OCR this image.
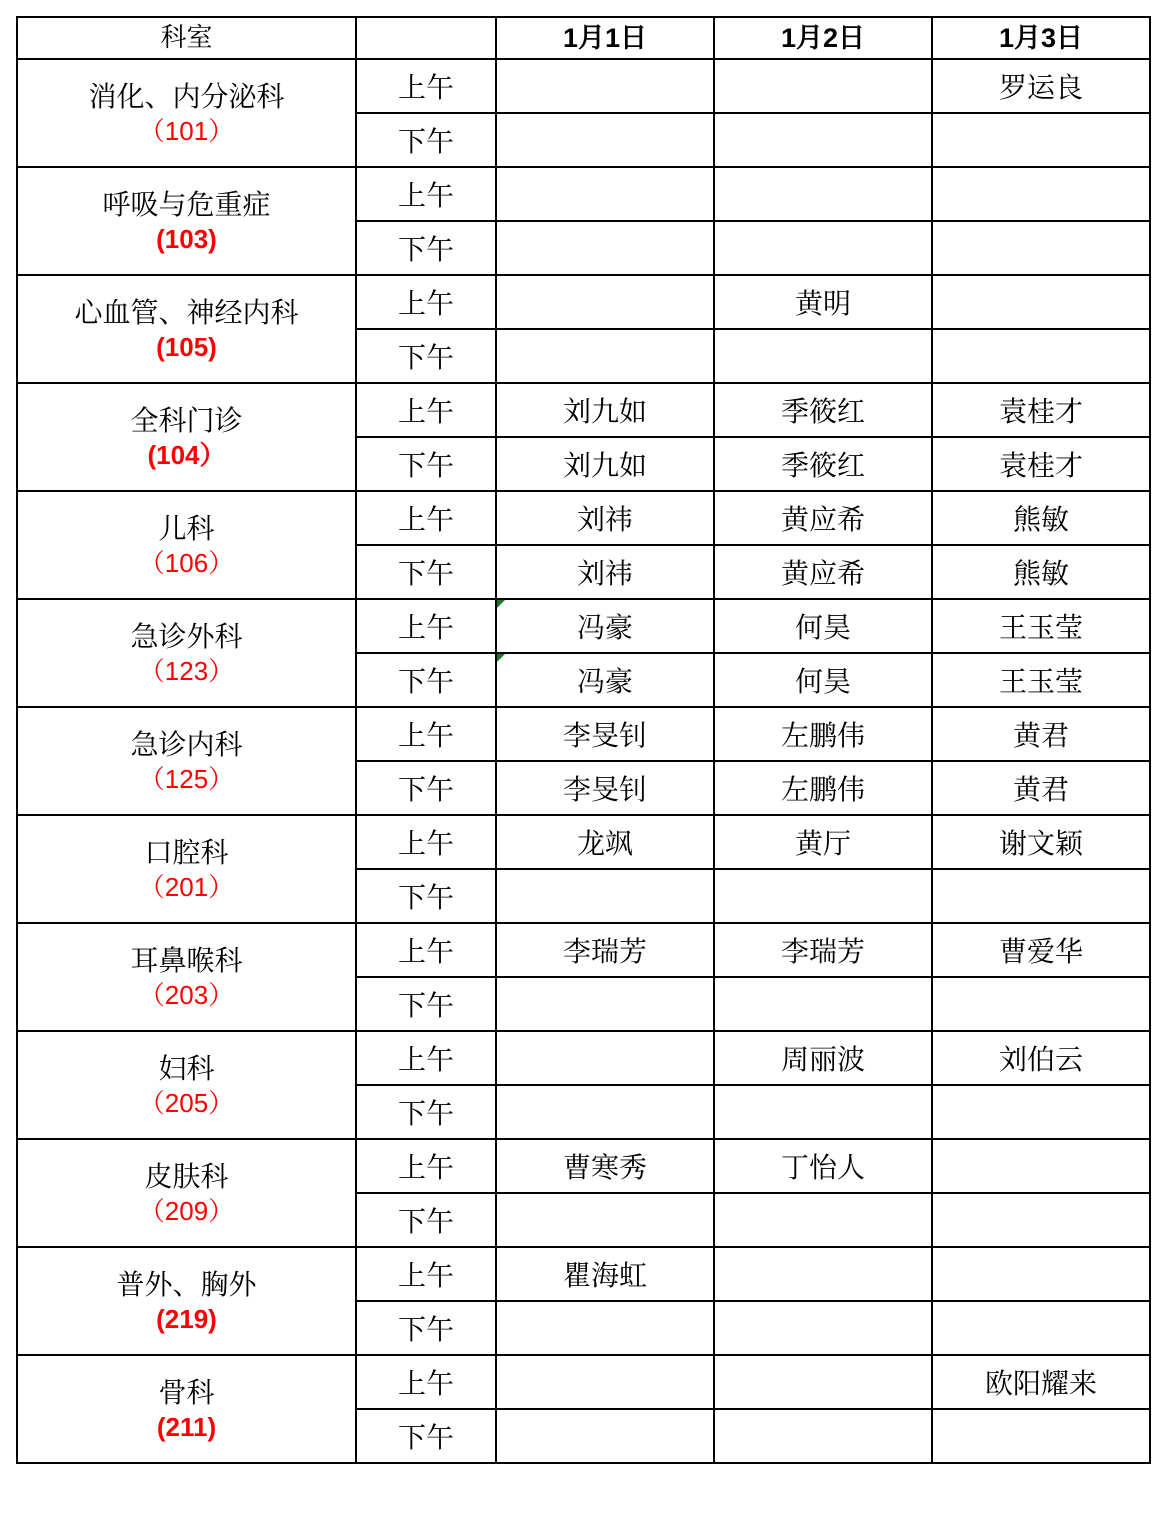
科室		1月1日	1月2日	1月3日

消化、内分泌科
（101）	上午			罗运良
	下午			

呼吸与危重症
(103)	上午			
	下午			

心血管、神经内科
(105)	上午		黄明	
	下午			

全科门诊
(104）	上午	刘九如	季筱红	袁桂才
	下午	刘九如	季筱红	袁桂才

儿科
（106）	上午	刘祎	黄应希	熊敏
	下午	刘祎	黄应希	熊敏

急诊外科
（123）	上午	冯豪	何昊	王玉莹
	下午	冯豪	何昊	王玉莹

急诊内科
（125）	上午	李旻钊	左鹏伟	黄君
	下午	李旻钊	左鹏伟	黄君

口腔科
（201）	上午	龙飒	黄厅	谢文颖
	下午			

耳鼻喉科
（203）	上午	李瑞芳	李瑞芳	曹爱华
	下午			

妇科
（205）	上午		周丽波	刘伯云
	下午			

皮肤科
（209）	上午	曹寒秀	丁怡人	
	下午			

普外、胸外
(219)	上午	瞿海虹		
	下午			

骨科
(211)	上午			欧阳耀来
	下午			
